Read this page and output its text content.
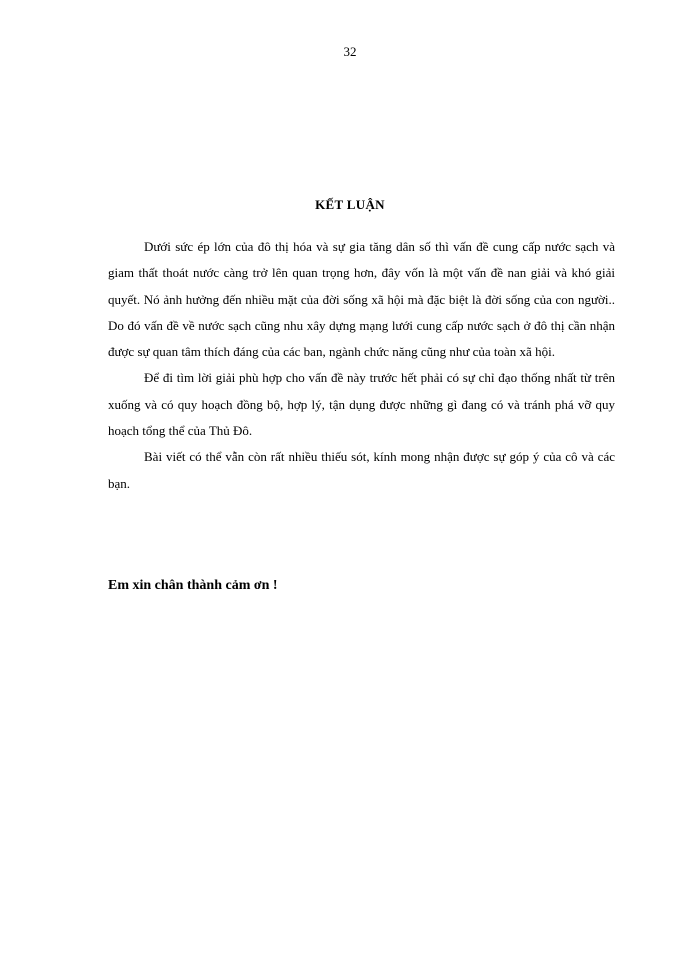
32
KẾT LUẬN

Dưới sức ép lớn của đô thị hóa và sự gia tăng dân số thì vấn đề cung cấp nước sạch và giam thất thoát nước càng trở lên quan trọng hơn, đây vốn là một vấn đề nan giải và khó giải quyết. Nó ảnh hưởng đến nhiều mặt của đời sống xã hội mà đặc biệt là đời sống của con người.. Do đó vấn đề về nước sạch cũng nhu xây dựng mạng lưới cung cấp nước sạch ở đô thị cần nhận được sự quan tâm thích đáng của các ban, ngành chức năng cũng như của toàn xã hội.

Để đi tìm lời giải phù hợp cho vấn đề này trước hết phải có sự chỉ đạo thống nhất từ trên xuống và có quy hoạch đồng bộ, hợp lý, tận dụng được những gì đang có và tránh phá vỡ quy hoạch tổng thể của Thủ Đô.

Bài viết có thể vẫn còn rất nhiều thiếu sót, kính mong nhận được sự góp ý của cô và các bạn.

Em xin chân thành cảm ơn !
